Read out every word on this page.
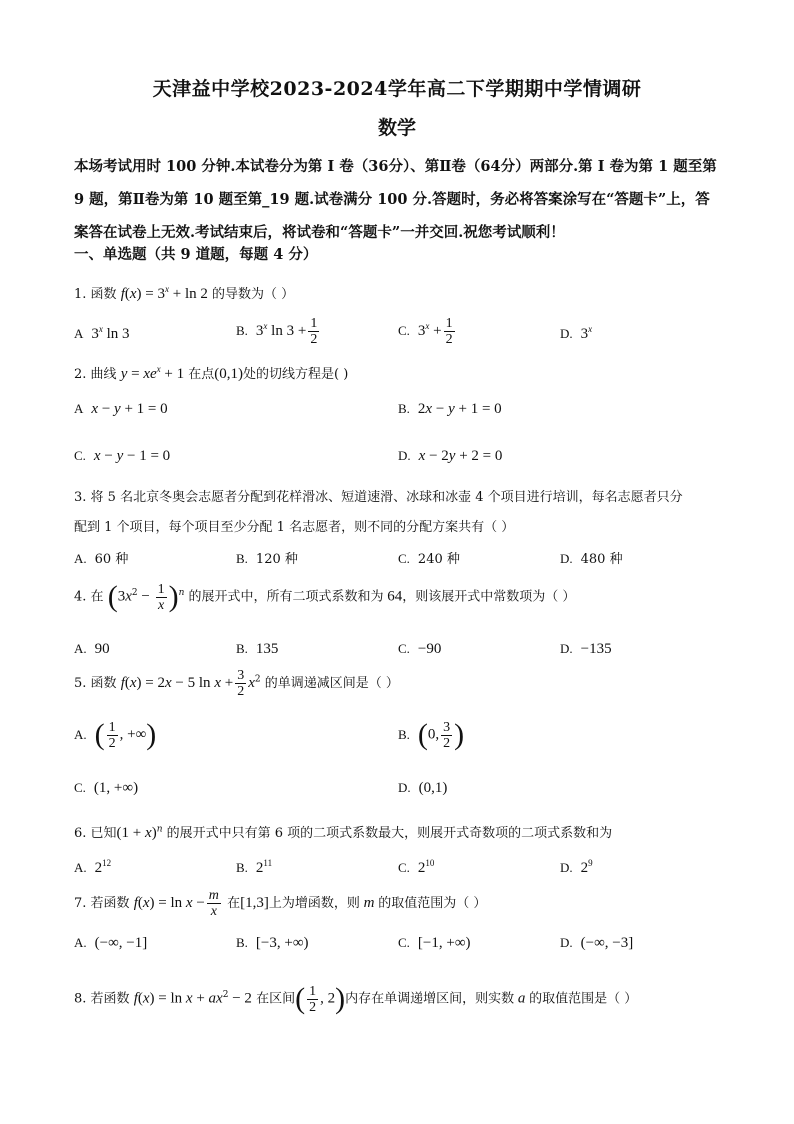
天津益中学校2023-2024学年高二下学期期中学情调研
数学
本场考试用时 100 分钟.本试卷分为第 I 卷（36分）、第Ⅱ卷（64分）两部分.第 I 卷为第 1 题至第 9 题，第Ⅱ卷为第 10 题至第_19 题.试卷满分 100 分.答题时，务必将答案涂写在“答题卡”上，答案答在试卷上无效.考试结束后，将试卷和“答题卡”一并交回.祝您考试顺利！
一、单选题（共 9 道题，每题 4 分）
1. 函数 $f(x) = 3^x + \ln 2$ 的导数为（ ）
A 3$^x$ ln 3	B. 3$^x$ $\ln 3 + \frac{1}{2}$	C. $3^x + \frac{1}{2}$	D. 3$^x$
2. 曲线 $y = xe^x + 1$ 在点(0,1)处的切线方程是( )
A x − y + 1 = 0	B. 2x − y + 1 = 0
C. x − y − 1 = 0	D. x − 2y + 2 = 0
3. 将 5 名北京冬奥会志愿者分配到花样滑冰、短道速滑、冰球和冰壶 4 个项目进行培训，每名志愿者只分
配到 1 个项目，每个项目至少分配 1 名志愿者，则不同的分配方案共有（ ）
A. 60 种	B. 120 种	C. 240 种	D. 480 种
4. 在 $(3x^2 - \frac{1}{x} )^n$ 的展开式中，所有二项式系数和为 64，则该展开式中常数项为（ ）
A. 90	B. 135	C. −90	D. −135
5. 函数 f(x) = 2x − 5 $\ln x + \frac{3}{2} x^2$ 的单调递减区间是（ ）
A. ( $\frac{1}{2}$ , +∞)	B. (0, $\frac{3}{2}$ )
C. (1, +∞)	D. (0,1)
6. 已知$(1 + x)^n$ 的展开式中只有第 6 项的二项式系数最大，则展开式奇数项的二项式系数和为
A. $2^{12}$	B. $2^{11}$	C. $2^{10}$	D. $2^9$
7. 若函数 $f(x) = \ln x - \frac{m}{x}$ 在[1,3]上为增函数，则 m 的取值范围为（ ）
A. (−∞, −1]	B. [−3, +∞)	C. [−1, +∞)	D. (−∞, −3]
8. 若函数 $f(x) = \ln x + ax^2 - 2$ 在区间( $\frac{1}{2}$ , 2)内存在单调递增区间，则实数 a 的取值范围是（ ）
